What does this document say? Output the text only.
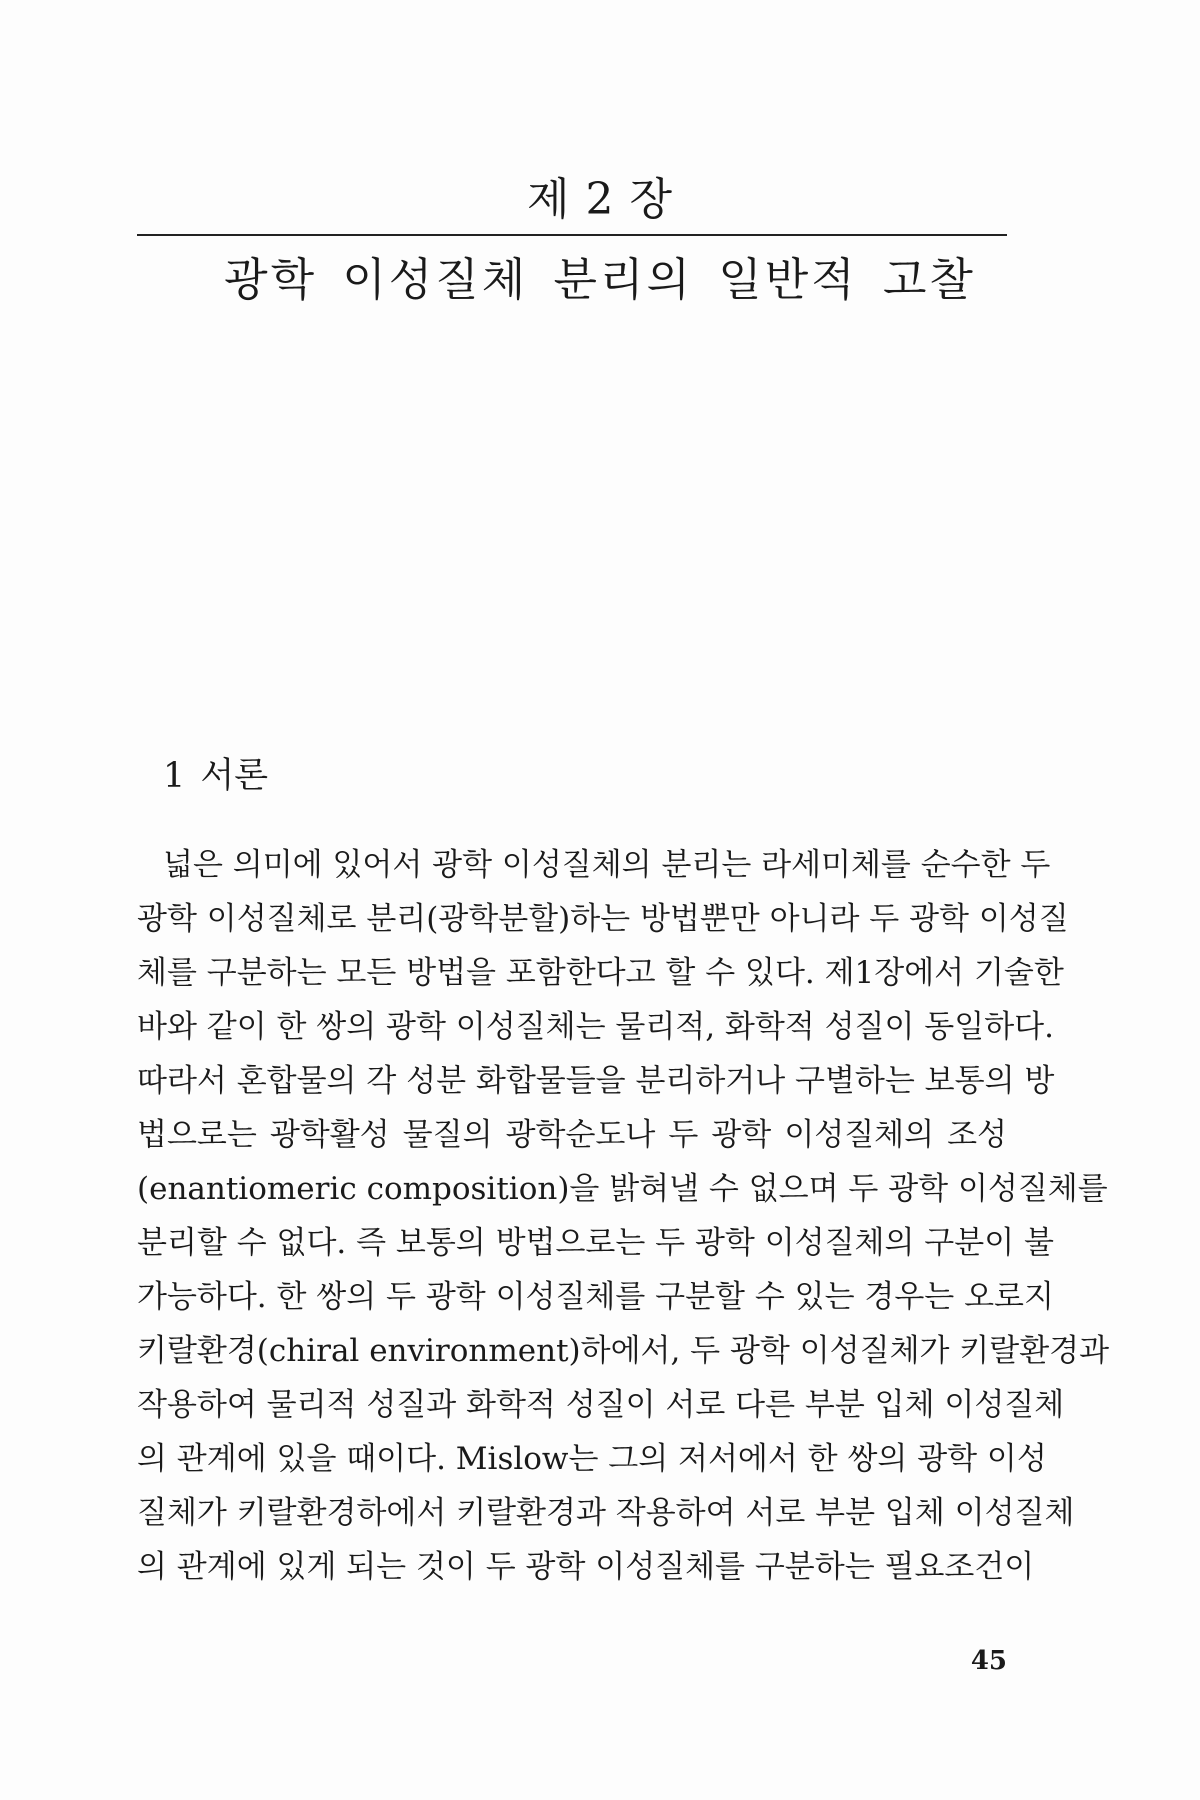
제 2 장
광학 이성질체 분리의 일반적 고찰
1 서론
넓은 의미에 있어서 광학 이성질체의 분리는 라세미체를 순수한 두
광학 이성질체로 분리(광학분할)하는 방법뿐만 아니라 두 광학 이성질
체를 구분하는 모든 방법을 포함한다고 할 수 있다. 제1장에서 기술한
바와 같이 한 쌍의 광학 이성질체는 물리적, 화학적 성질이 동일하다.
따라서 혼합물의 각 성분 화합물들을 분리하거나 구별하는 보통의 방
법으로는 광학활성 물질의 광학순도나 두 광학 이성질체의 조성
(enantiomeric composition)을 밝혀낼 수 없으며 두 광학 이성질체를
분리할 수 없다. 즉 보통의 방법으로는 두 광학 이성질체의 구분이 불
가능하다. 한 쌍의 두 광학 이성질체를 구분할 수 있는 경우는 오로지
키랄환경(chiral environment)하에서, 두 광학 이성질체가 키랄환경과
작용하여 물리적 성질과 화학적 성질이 서로 다른 부분 입체 이성질체
의 관계에 있을 때이다. Mislow는 그의 저서에서 한 쌍의 광학 이성
질체가 키랄환경하에서 키랄환경과 작용하여 서로 부분 입체 이성질체
의 관계에 있게 되는 것이 두 광학 이성질체를 구분하는 필요조건이
45
